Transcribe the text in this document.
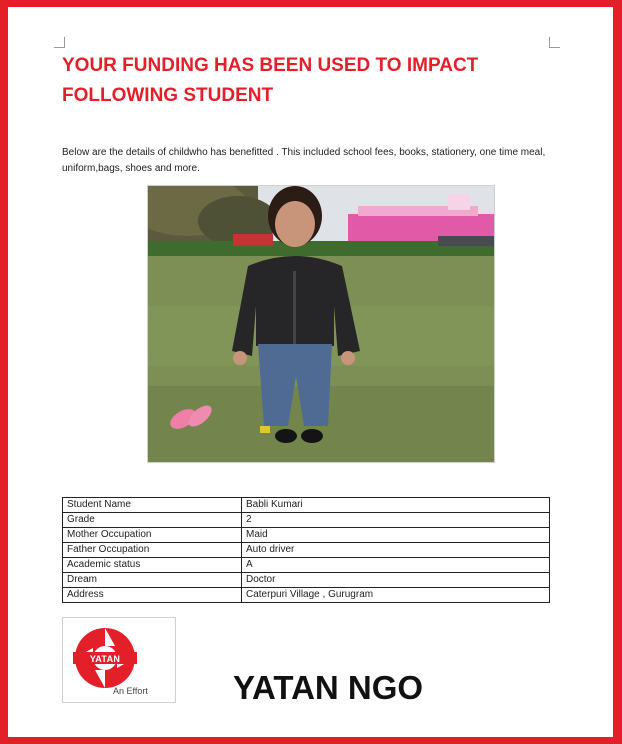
YOUR FUNDING HAS BEEN USED TO IMPACT
FOLLOWING STUDENT

Below are the details of childwho has benefitted . This included school fees, books, stationery, one time meal, uniform,bags, shoes and more.

Student Name	Babli Kumari
Grade	2
Mother Occupation	Maid
Father Occupation	Auto driver
Academic status	A
Dream	Doctor
Address	Caterpuri Village , Gurugram
YATAN
An Effort	YATAN NGO
